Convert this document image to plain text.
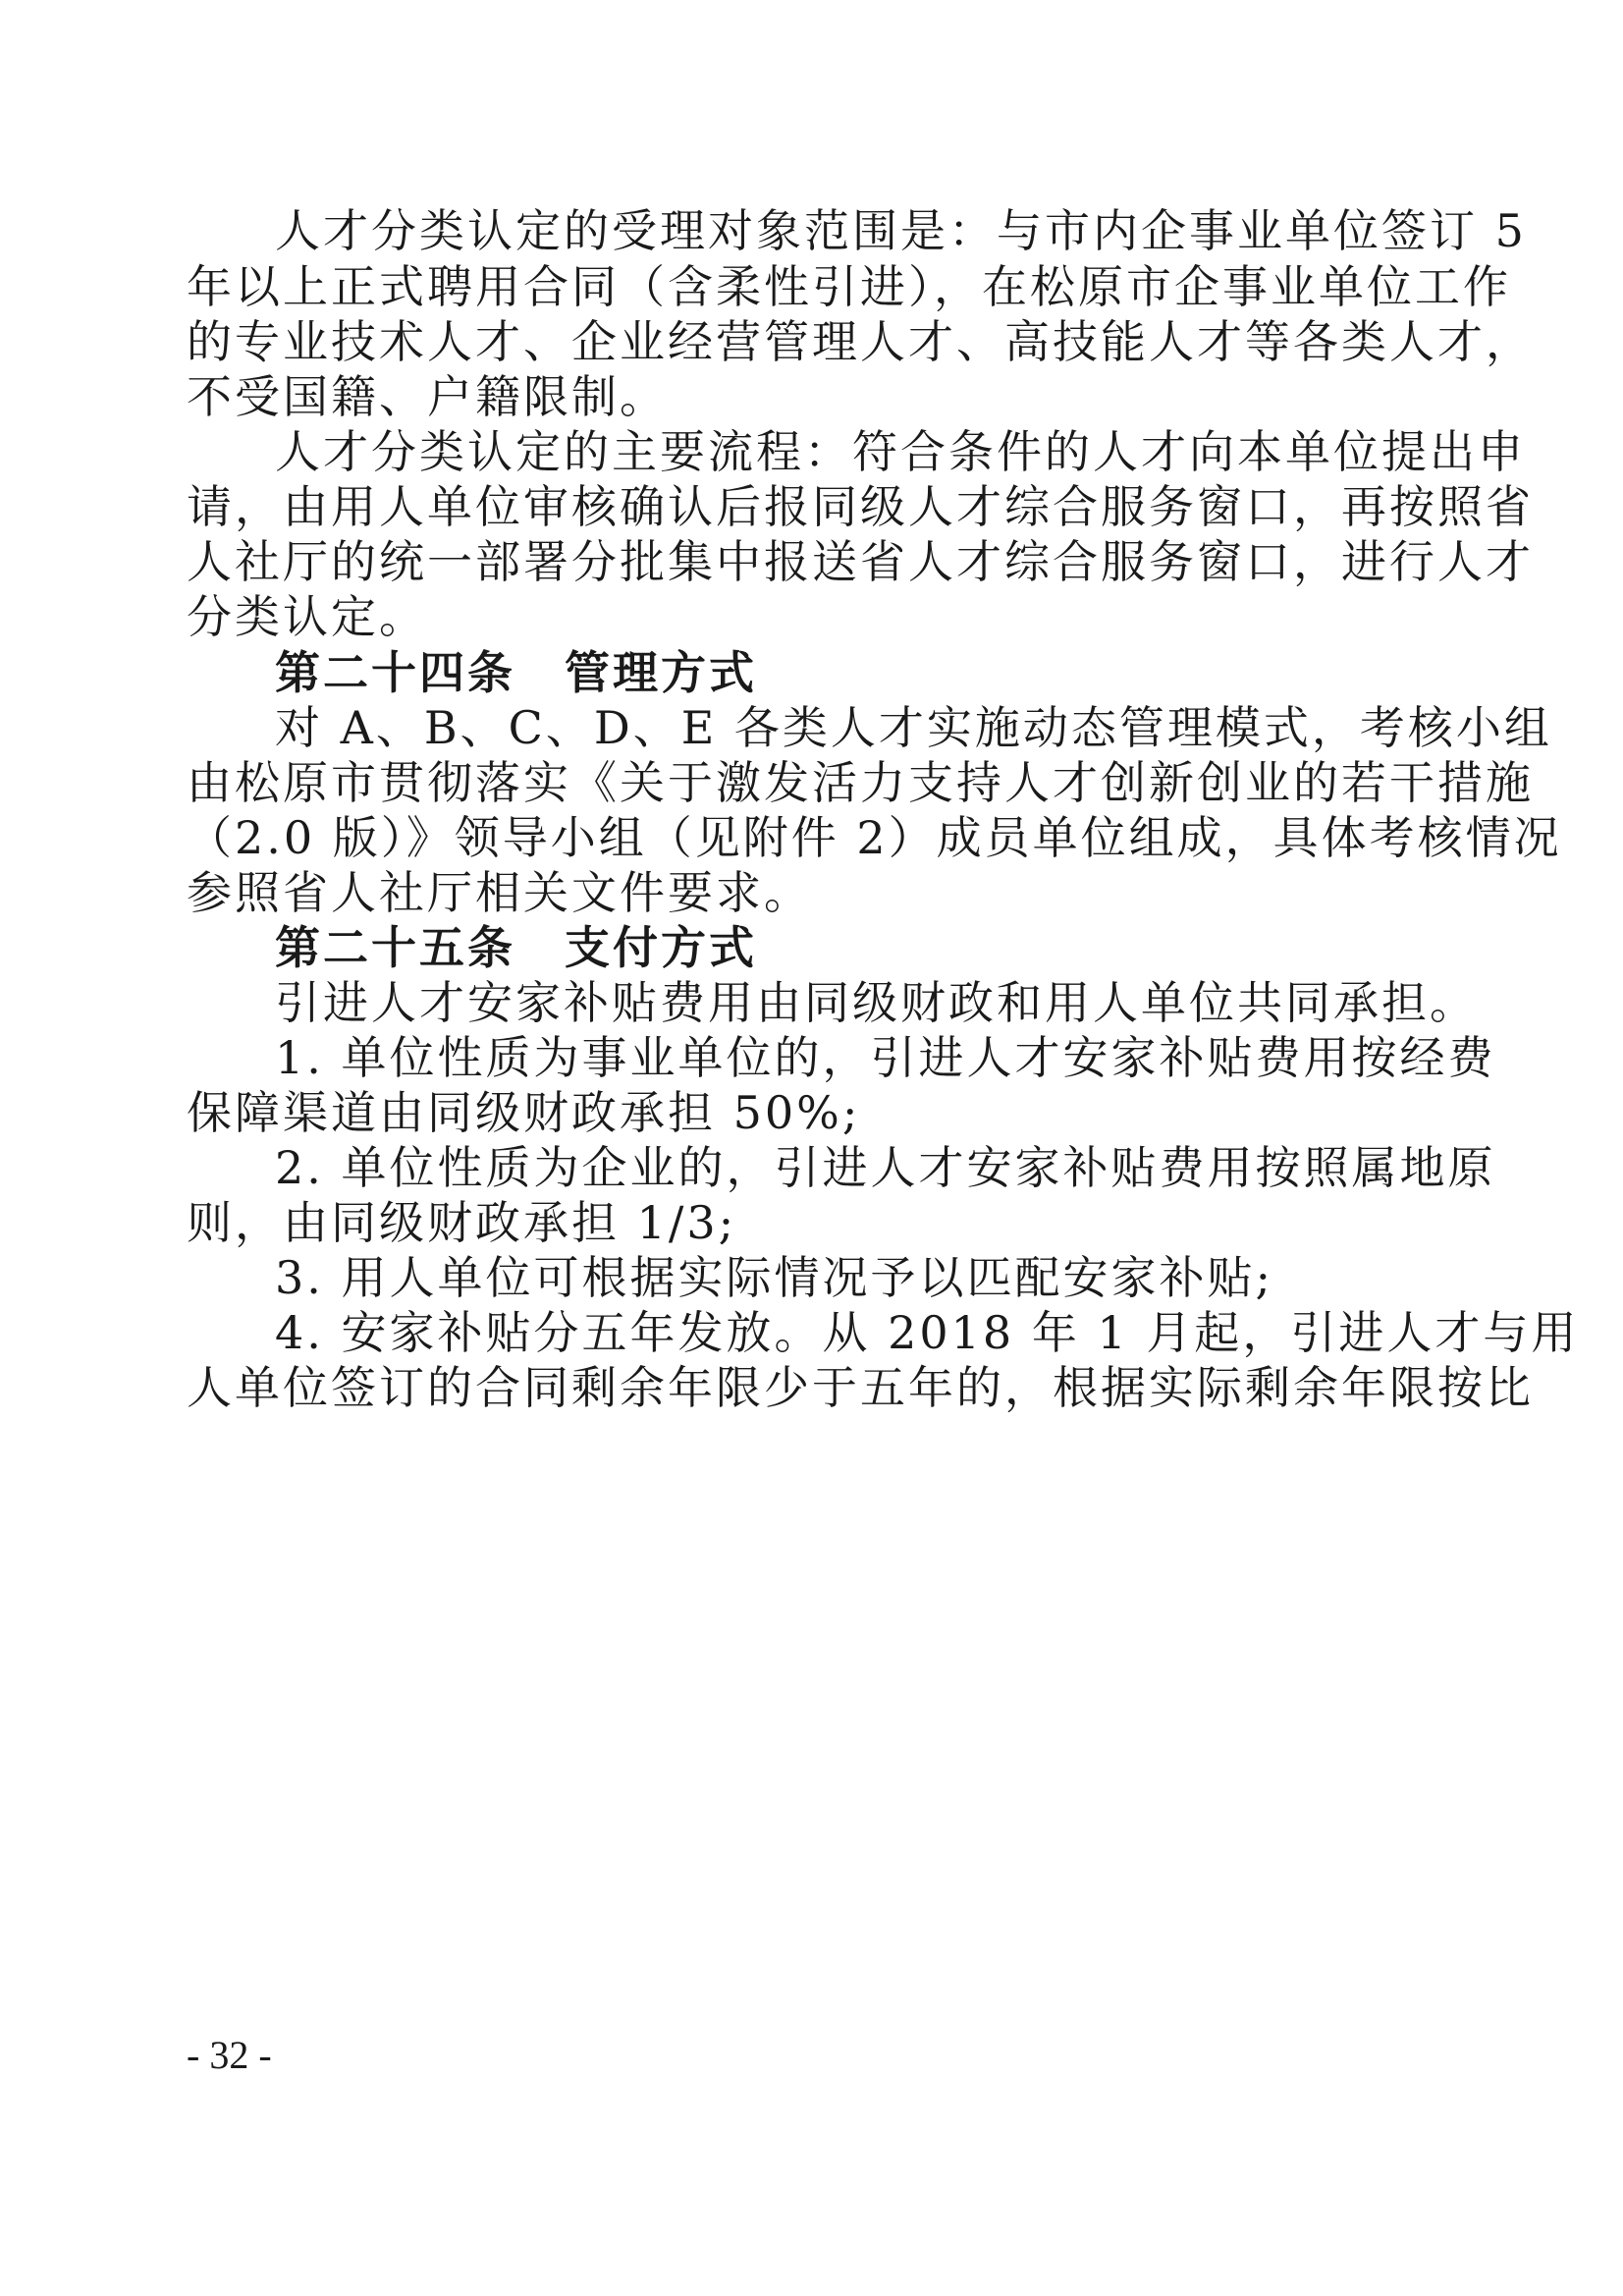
人才分类认定的受理对象范围是：与市内企事业单位签订 5
年以上正式聘用合同（含柔性引进），在松原市企事业单位工作
的专业技术人才、企业经营管理人才、高技能人才等各类人才，
不受国籍、户籍限制。
人才分类认定的主要流程：符合条件的人才向本单位提出申
请，由用人单位审核确认后报同级人才综合服务窗口，再按照省
人社厅的统一部署分批集中报送省人才综合服务窗口，进行人才
分类认定。
第二十四条 管理方式
对 A、B、C、D、E 各类人才实施动态管理模式，考核小组
由松原市贯彻落实《关于激发活力支持人才创新创业的若干措施
（2.0 版）》领导小组（见附件 2）成员单位组成，具体考核情况
参照省人社厅相关文件要求。
第二十五条 支付方式
引进人才安家补贴费用由同级财政和用人单位共同承担。
1. 单位性质为事业单位的，引进人才安家补贴费用按经费
保障渠道由同级财政承担 50%;
2. 单位性质为企业的，引进人才安家补贴费用按照属地原
则，由同级财政承担 1/3;
3. 用人单位可根据实际情况予以匹配安家补贴;
4. 安家补贴分五年发放。从 2018 年 1 月起，引进人才与用
人单位签订的合同剩余年限少于五年的，根据实际剩余年限按比
- 32 -
